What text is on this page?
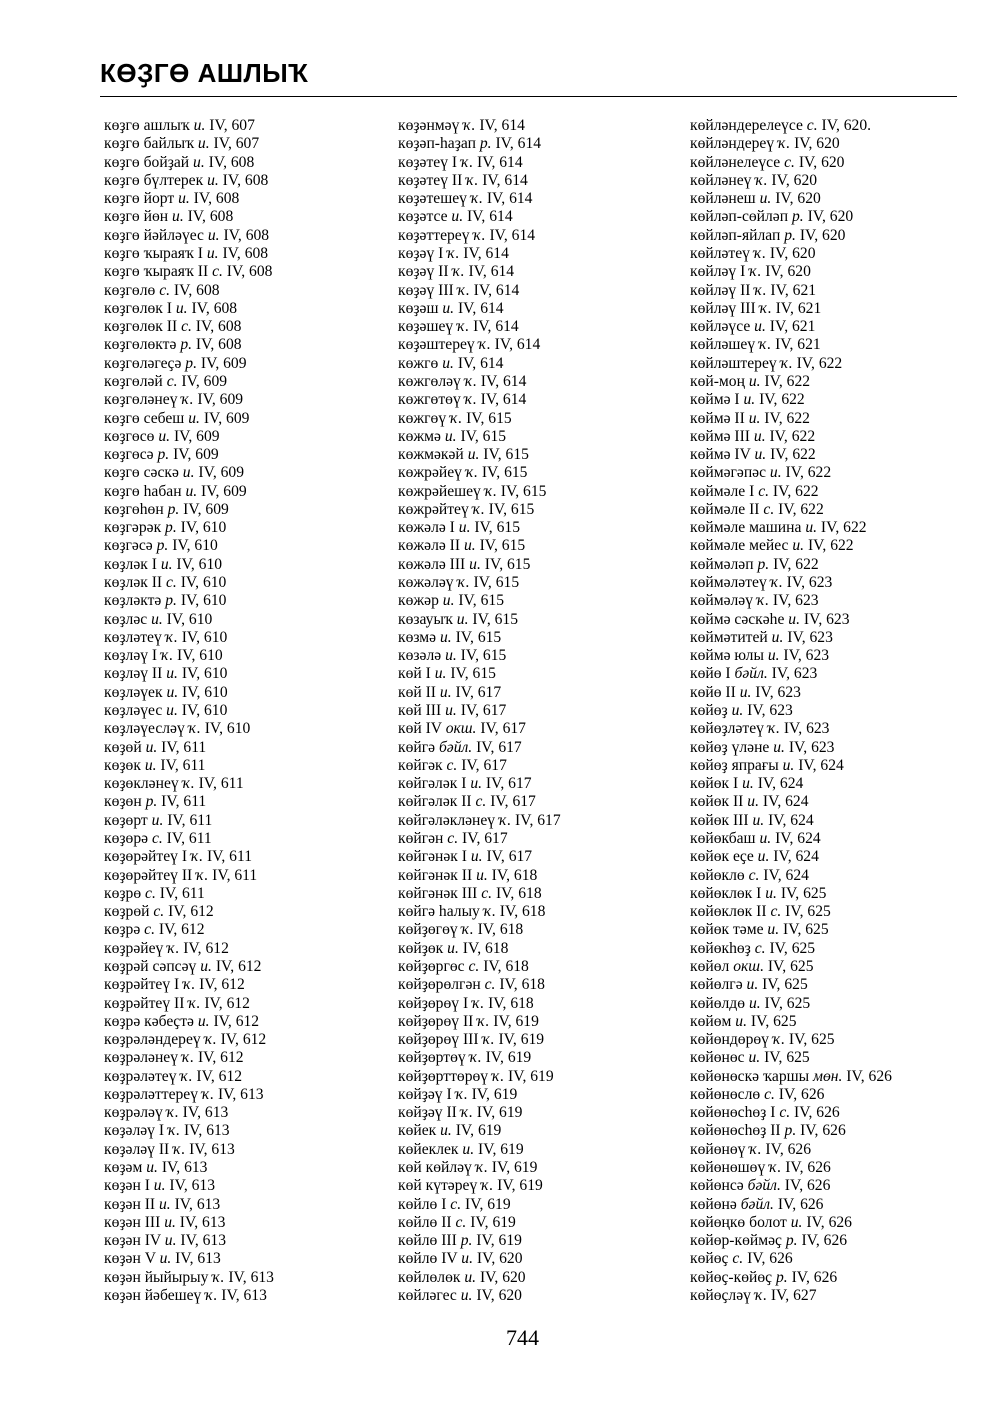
КӨҘГӨ АШЛЫҠ
көҙгө ашлыҡ и. IV, 607
көҙгө байлыҡ и. IV, 607
көҙгө бойҙай и. IV, 608
көҙгө бүлтерек и. IV, 608
көҙгө йорт и. IV, 608
көҙгө йөн и. IV, 608
көҙгө йәйләүес и. IV, 608
көҙгө ҡыраяҡ I и. IV, 608
көҙгө ҡыраяҡ II с. IV, 608
көҙгөлө с. IV, 608
көҙгөлөк I и. IV, 608
көҙгөлөк II с. IV, 608
көҙгөлөктә р. IV, 608
көҙгөләгеҫә р. IV, 609
көҙгөләй с. IV, 609
көҙгөләнеү ҡ. IV, 609
көҙгө себеш и. IV, 609
көҙгөсө и. IV, 609
көҙгөсә р. IV, 609
көҙгө сәскә и. IV, 609
көҙгө һабан и. IV, 609
көҙгөһөн р. IV, 609
көҙгәрәк р. IV, 610
көҙгәсә р. IV, 610
көҙләк I и. IV, 610
көҙләк II с. IV, 610
көҙләктә р. IV, 610
көҙләс и. IV, 610
көҙләтеү ҡ. IV, 610
көҙләү I ҡ. IV, 610
көҙләү II и. IV, 610
көҙләүек и. IV, 610
көҙләүес и. IV, 610
көҙләүесләү ҡ. IV, 610
көҙөй и. IV, 611
көҙөк и. IV, 611
көҙөкләнеү ҡ. IV, 611
көҙөн р. IV, 611
көҙөрт и. IV, 611
көҙөрә с. IV, 611
көҙөрәйтеү I ҡ. IV, 611
көҙөрәйтеү II ҡ. IV, 611
көҙрө с. IV, 611
көҙрөй с. IV, 612
көҙрә с. IV, 612
көҙрәйеү ҡ. IV, 612
көҙрәй сәпсәү и. IV, 612
көҙрәйтеү I ҡ. IV, 612
көҙрәйтеү II ҡ. IV, 612
көҙрә кәбеҫтә и. IV, 612
көҙрәләндереү ҡ. IV, 612
көҙрәләнеү ҡ. IV, 612
көҙрәләтеү ҡ. IV, 612
көҙрәләттереү ҡ. IV, 613
көҙрәләү ҡ. IV, 613
көҙәләү I ҡ. IV, 613
көҙәләү II ҡ. IV, 613
көҙәм и. IV, 613
көҙән I и. IV, 613
көҙән II и. IV, 613
көҙән III и. IV, 613
көҙән IV и. IV, 613
көҙән V и. IV, 613
көҙән йыйырыу ҡ. IV, 613
көҙән йәбешеү ҡ. IV, 613
көҙәнмәү ҡ. IV, 614
көҙәп-һаҙап р. IV, 614
көҙәтеү I ҡ. IV, 614
көҙәтеү II ҡ. IV, 614
көҙәтешеү ҡ. IV, 614
көҙәтсе и. IV, 614
көҙәттереү ҡ. IV, 614
көҙәү I ҡ. IV, 614
көҙәү II ҡ. IV, 614
көҙәү III ҡ. IV, 614
көҙәш и. IV, 614
көҙәшеү ҡ. IV, 614
көҙәштереү ҡ. IV, 614
көжгө и. IV, 614
көжгөләү ҡ. IV, 614
көжгөтөү ҡ. IV, 614
көжгөү ҡ. IV, 615
көжмә и. IV, 615
көжмәкәй и. IV, 615
көжрәйеү ҡ. IV, 615
көжрәйешеү ҡ. IV, 615
көжрәйтеү ҡ. IV, 615
көжәлә I и. IV, 615
көжәлә II и. IV, 615
көжәлә III и. IV, 615
көжәләү ҡ. IV, 615
көжәр и. IV, 615
көзауыҡ и. IV, 615
көзмә и. IV, 615
көзәлә и. IV, 615
көй I и. IV, 615
көй II и. IV, 617
көй III и. IV, 617
көй IV окш. IV, 617
көйгә бәйл. IV, 617
көйгәк с. IV, 617
көйгәләк I и. IV, 617
көйгәләк II с. IV, 617
көйгәләкләнеү ҡ. IV, 617
көйгән с. IV, 617
көйгәнәк I и. IV, 617
көйгәнәк II и. IV, 618
көйгәнәк III с. IV, 618
көйгә һалыу ҡ. IV, 618
көйҙөгөү ҡ. IV, 618
көйҙөк и. IV, 618
көйҙөргөс с. IV, 618
көйҙөрөлгән с. IV, 618
көйҙөрөү I ҡ. IV, 618
көйҙөрөү II ҡ. IV, 619
көйҙөрөү III ҡ. IV, 619
көйҙөртөү ҡ. IV, 619
көйҙөрттөрөү ҡ. IV, 619
көйҙәү I ҡ. IV, 619
көйҙәү II ҡ. IV, 619
көйек и. IV, 619
көйеклек и. IV, 619
көй көйләү ҡ. IV, 619
көй күтәреү ҡ. IV, 619
көйлө I с. IV, 619
көйлө II с. IV, 619
көйлө III р. IV, 619
көйлө IV и. IV, 620
көйлөлөк и. IV, 620
көйләгес и. IV, 620
көйләндерелеүсе с. IV, 620.
көйләндереү ҡ. IV, 620
көйләнелеүсе с. IV, 620
көйләнеү ҡ. IV, 620
көйләнеш и. IV, 620
көйләп-сөйләп р. IV, 620
көйләп-яйлап р. IV, 620
көйләтеү ҡ. IV, 620
көйләү I ҡ. IV, 620
көйләү II ҡ. IV, 621
көйләү III ҡ. IV, 621
көйләүсе и. IV, 621
көйләшеү ҡ. IV, 621
көйләштереү ҡ. IV, 622
көй-моң и. IV, 622
көймә I и. IV, 622
көймә II и. IV, 622
көймә III и. IV, 622
көймә IV и. IV, 622
көймәгәпәс и. IV, 622
көймәле I с. IV, 622
көймәле II с. IV, 622
көймәле машина и. IV, 622
көймәле мейес и. IV, 622
көймәләп р. IV, 622
көймәләтеү ҡ. IV, 623
көймәләү ҡ. IV, 623
көймә сәскәһе и. IV, 623
көймәтитей и. IV, 623
көймә юлы и. IV, 623
көйө I бәйл. IV, 623
көйө II и. IV, 623
көйөҙ и. IV, 623
көйөҙләтеү ҡ. IV, 623
көйөҙ үләне и. IV, 623
көйөҙ япрағы и. IV, 624
көйөк I и. IV, 624
көйөк II и. IV, 624
көйөк III и. IV, 624
көйөкбаш и. IV, 624
көйөк еҫе и. IV, 624
көйөклө с. IV, 624
көйөклөк I и. IV, 625
көйөклөк II с. IV, 625
көйөк тәме и. IV, 625
көйөкһөҙ с. IV, 625
көйөл окш. IV, 625
көйөлгә и. IV, 625
көйөлдө и. IV, 625
көйөм и. IV, 625
көйөндөрөү ҡ. IV, 625
көйөнөс и. IV, 625
көйөнөскә ҡаршы мөн. IV, 626
көйөнөслө с. IV, 626
көйөнөсһөҙ I с. IV, 626
көйөнөсһөҙ II р. IV, 626
көйөнөү ҡ. IV, 626
көйөнөшөү ҡ. IV, 626
көйөнсә бәйл. IV, 626
көйөнә бәйл. IV, 626
көйөңкө болот и. IV, 626
көйөр-көймәҫ р. IV, 626
көйөҫ с. IV, 626
көйөҫ-көйөҫ р. IV, 626
көйөҫләү ҡ. IV, 627
744
